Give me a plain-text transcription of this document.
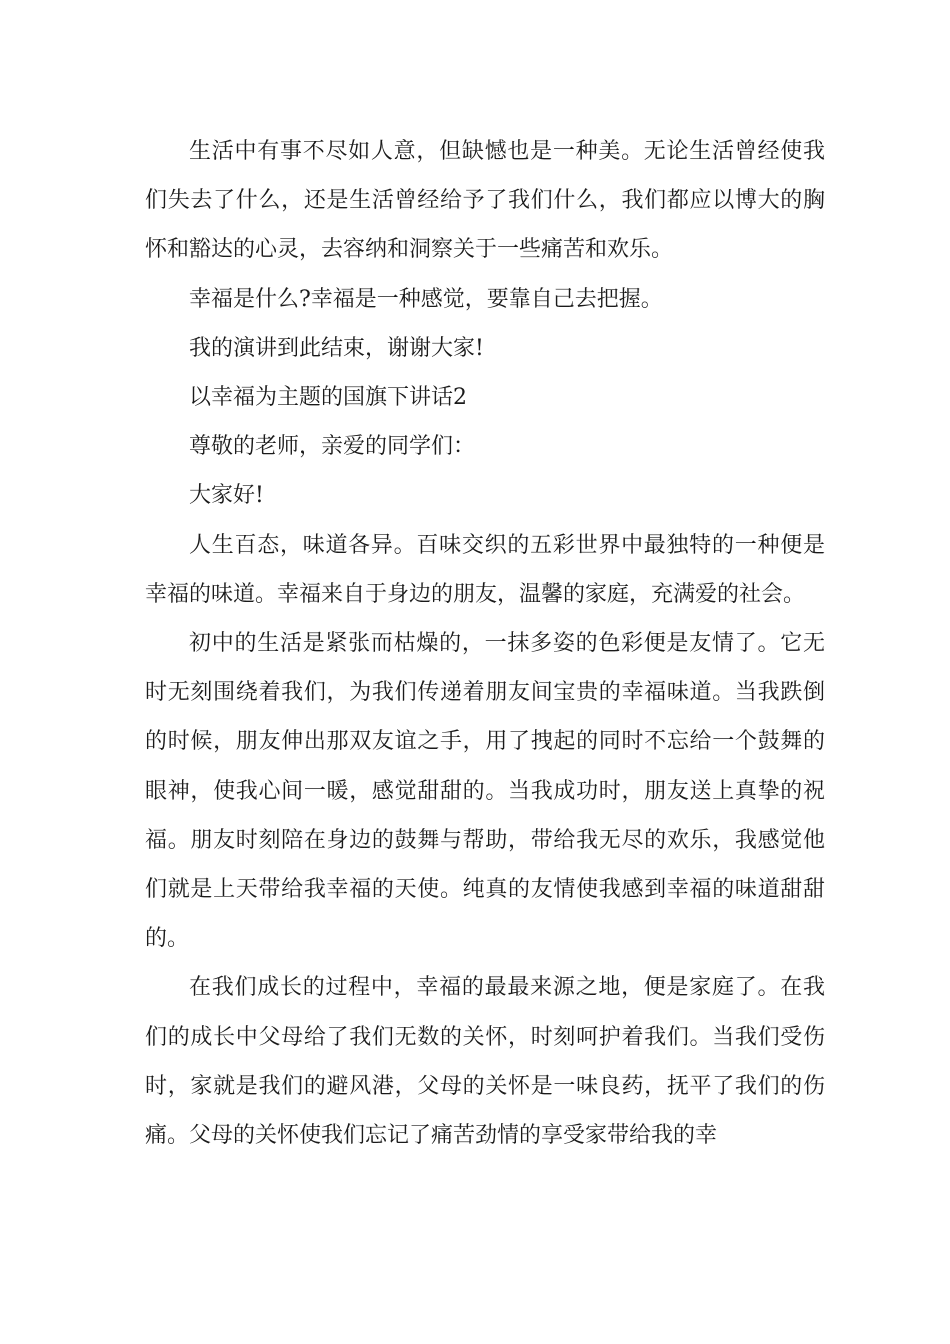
生活中有事不尽如人意，但缺憾也是一种美。无论生活曾经使我们失去了什么，还是生活曾经给予了我们什么，我们都应以博大的胸怀和豁达的心灵，去容纳和洞察关于一些痛苦和欢乐。

幸福是什么?幸福是一种感觉，要靠自己去把握。

我的演讲到此结束，谢谢大家!

以幸福为主题的国旗下讲话2

尊敬的老师，亲爱的同学们：

大家好!

人生百态，味道各异。百味交织的五彩世界中最独特的一种便是幸福的味道。幸福来自于身边的朋友，温馨的家庭，充满爱的社会。

初中的生活是紧张而枯燥的，一抹多姿的色彩便是友情了。它无时无刻围绕着我们，为我们传递着朋友间宝贵的幸福味道。当我跌倒的时候，朋友伸出那双友谊之手，用了拽起的同时不忘给一个鼓舞的眼神，使我心间一暖，感觉甜甜的。当我成功时，朋友送上真挚的祝福。朋友时刻陪在身边的鼓舞与帮助，带给我无尽的欢乐，我感觉他们就是上天带给我幸福的天使。纯真的友情使我感到幸福的味道甜甜的。

在我们成长的过程中，幸福的最最来源之地，便是家庭了。在我们的成长中父母给了我们无数的关怀，时刻呵护着我们。当我们受伤时，家就是我们的避风港，父母的关怀是一味良药，抚平了我们的伤痛。父母的关怀使我们忘记了痛苦劲情的享受家带给我的幸
